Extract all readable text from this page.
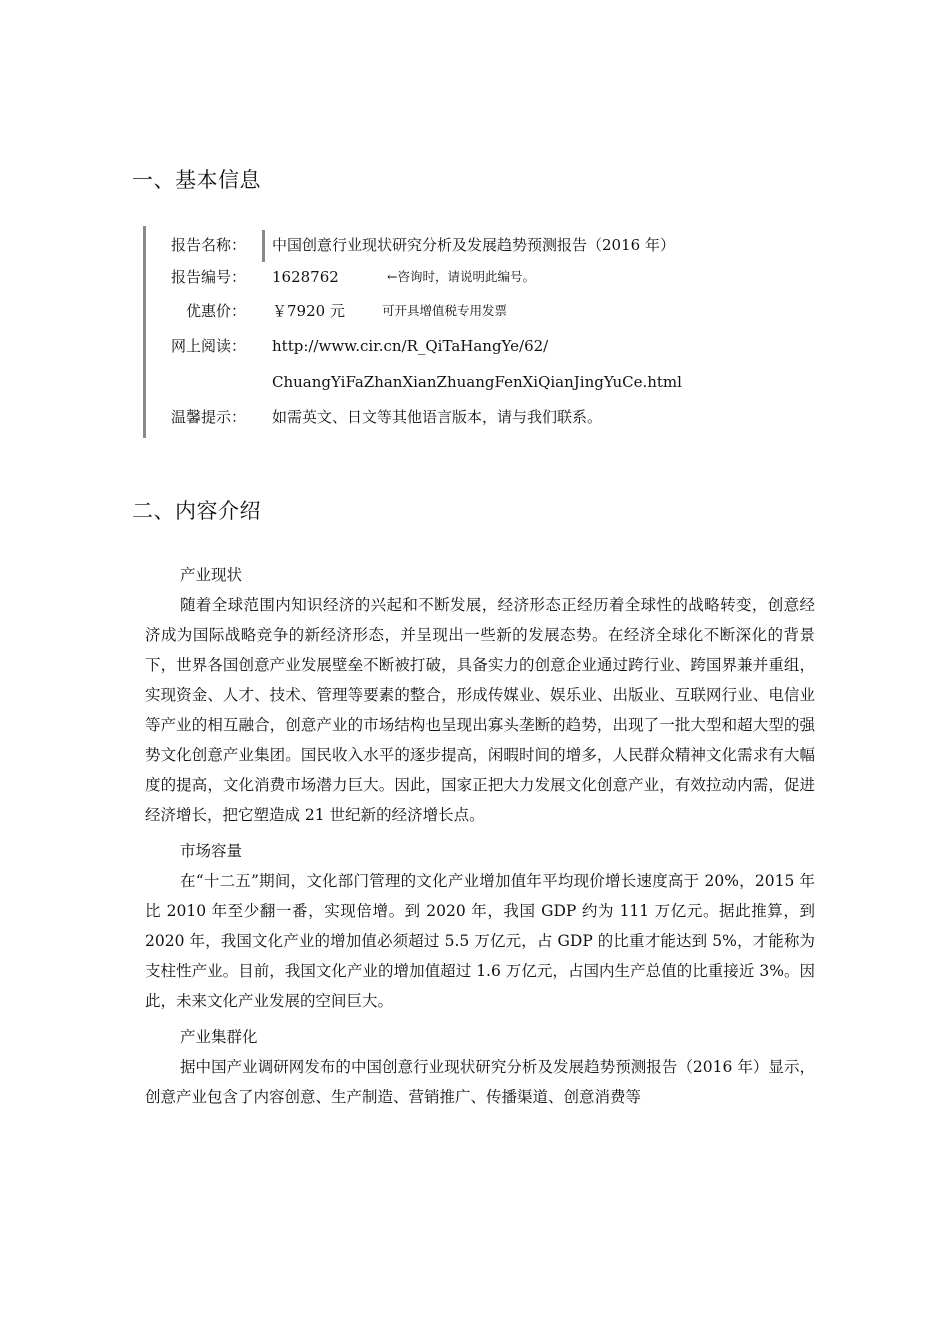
一、基本信息
报告名称： 中国创意行业现状研究分析及发展趋势预测报告（2016 年）
报告编号： 1628762	←咨询时，请说明此编号。
优惠价： ￥7920 元	可开具增值税专用发票
网上阅读： http://www.cir.cn/R_QiTaHangYe/62/
ChuangYiFaZhanXianZhuangFenXiQianJingYuCe.html
温馨提示： 如需英文、日文等其他语言版本，请与我们联系。
二、内容介绍

产业现状

随着全球范围内知识经济的兴起和不断发展，经济形态正经历着全球性的战略转变，创意经济成为国际战略竞争的新经济形态，并呈现出一些新的发展态势。在经济全球化不断深化的背景下，世界各国创意产业发展壁垒不断被打破，具备实力的创意企业通过跨行业、跨国界兼并重组，实现资金、人才、技术、管理等要素的整合，形成传媒业、娱乐业、出版业、互联网行业、电信业等产业的相互融合，创意产业的市场结构也呈现出寡头垄断的趋势，出现了一批大型和超大型的强势文化创意产业集团。国民收入水平的逐步提高，闲暇时间的增多，人民群众精神文化需求有大幅度的提高，文化消费市场潜力巨大。因此，国家正把大力发展文化创意产业，有效拉动内需，促进经济增长，把它塑造成 21 世纪新的经济增长点。

市场容量

在“十二五”期间，文化部门管理的文化产业增加值年平均现价增长速度高于 20%，2015 年比 2010 年至少翻一番，实现倍增。到 2020 年，我国 GDP 约为 111 万亿元。据此推算，到 2020 年，我国文化产业的增加值必须超过 5.5 万亿元，占 GDP 的比重才能达到 5%，才能称为支柱性产业。目前，我国文化产业的增加值超过 1.6 万亿元，占国内生产总值的比重接近 3%。因此，未来文化产业发展的空间巨大。

产业集群化

据中国产业调研网发布的中国创意行业现状研究分析及发展趋势预测报告（2016 年）显示，创意产业包含了内容创意、生产制造、营销推广、传播渠道、创意消费等
